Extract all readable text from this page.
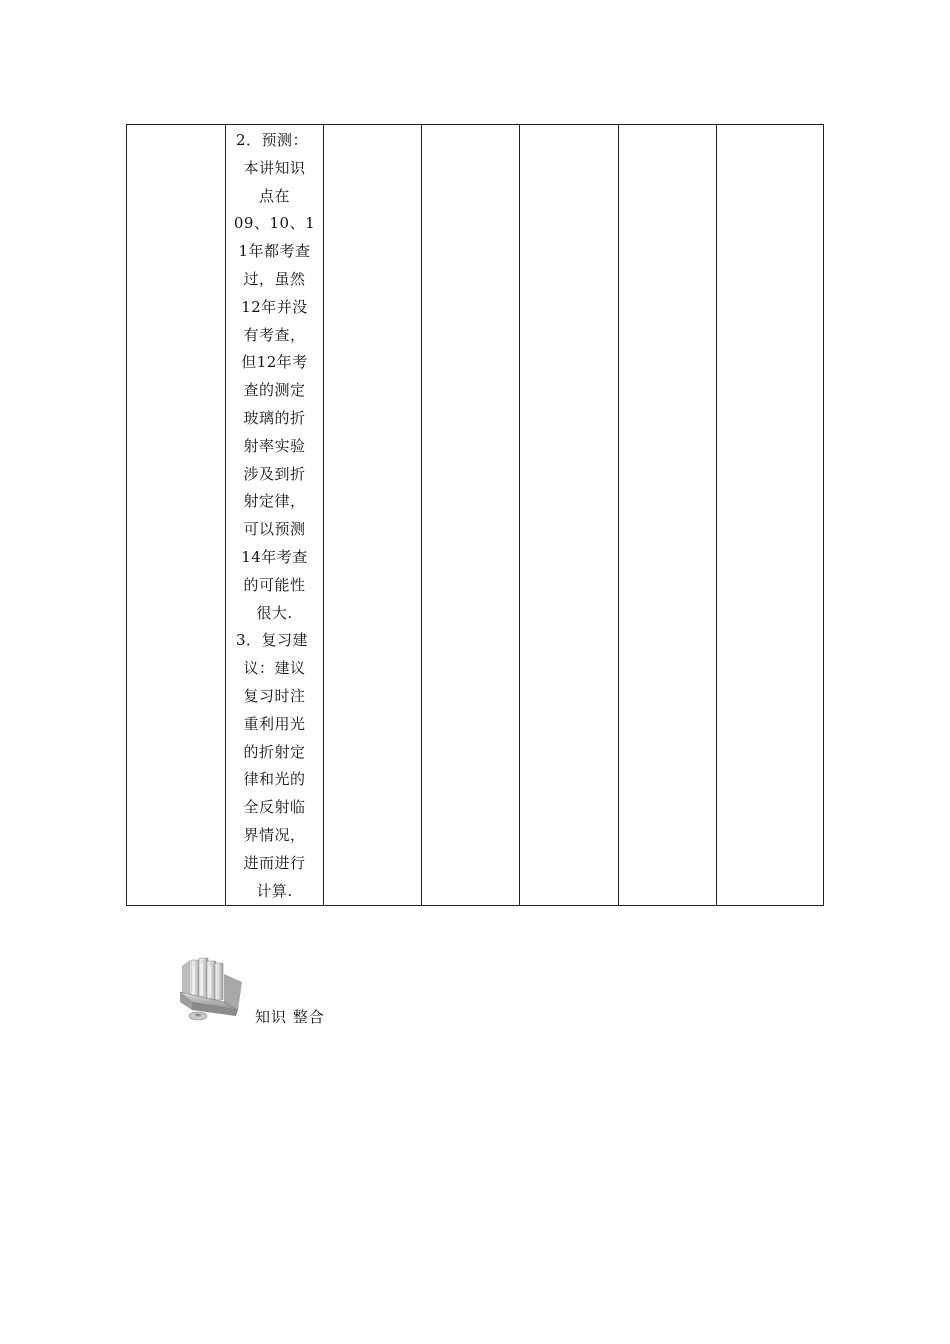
2．预测：
本讲知识
点在
09、10、1
1年都考查
过，虽然
12年并没
有考查，
但12年考
查的测定
玻璃的折
射率实验
涉及到折
射定律，
可以预测
14年考查
的可能性
很大.
3．复习建
议：建议
复习时注
重利用光
的折射定
律和光的
全反射临
界情况，
进而进行
计算.

知识 整合
